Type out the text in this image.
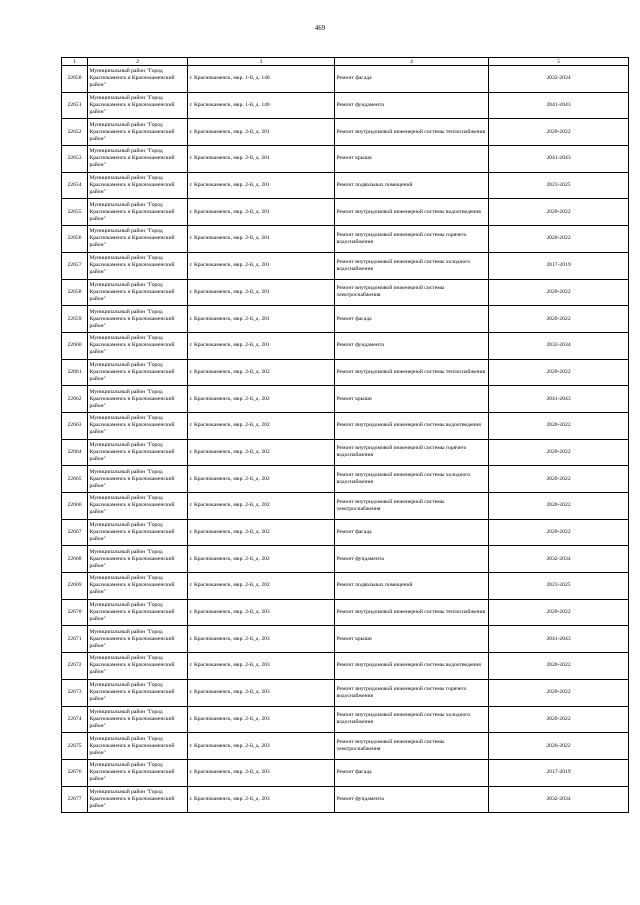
469
1	2	3	4	5
22650	Муниципальный район "Город Краснокаменск и Краснокаменский район"	г. Краснокаменск, мкр. 1-й, д. 140	Ремонт фасада	2032-2034
22651	Муниципальный район "Город Краснокаменск и Краснокаменский район"	г. Краснокаменск, мкр. 1-й, д. 140	Ремонт фундамента	2041-2043
22652	Муниципальный район "Город Краснокаменск и Краснокаменский район"	г. Краснокаменск, мкр. 2-й, д. 201	Ремонт внутридомовой инженерной системы теплоснабжения	2020-2022
22653	Муниципальный район "Город Краснокаменск и Краснокаменский район"	г. Краснокаменск, мкр. 2-й, д. 201	Ремонт крыши	2041-2043
22654	Муниципальный район "Город Краснокаменск и Краснокаменский район"	г. Краснокаменск, мкр. 2-й, д. 201	Ремонт подвальных помещений	2023-2025
22655	Муниципальный район "Город Краснокаменск и Краснокаменский район"	г. Краснокаменск, мкр. 2-й, д. 201	Ремонт внутридомовой инженерной системы водоотведения	2020-2022
22656	Муниципальный район "Город Краснокаменск и Краснокаменский район"	г. Краснокаменск, мкр. 2-й, д. 201	Ремонт внутридомовой инженерной системы горячего водоснабжения	2020-2022
22657	Муниципальный район "Город Краснокаменск и Краснокаменский район"	г. Краснокаменск, мкр. 2-й, д. 201	Ремонт внутридомовой инженерной системы холодного водоснабжения	2017-2019
22658	Муниципальный район "Город Краснокаменск и Краснокаменский район"	г. Краснокаменск, мкр. 2-й, д. 201	Ремонт внутридомовой инженерной системы электроснабжения	2020-2022
22659	Муниципальный район "Город Краснокаменск и Краснокаменский район"	г. Краснокаменск, мкр. 2-й, д. 201	Ремонт фасада	2020-2022
22660	Муниципальный район "Город Краснокаменск и Краснокаменский район"	г. Краснокаменск, мкр. 2-й, д. 201	Ремонт фундамента	2032-2034
22661	Муниципальный район "Город Краснокаменск и Краснокаменский район"	г. Краснокаменск, мкр. 2-й, д. 202	Ремонт внутридомовой инженерной системы теплоснабжения	2020-2022
22662	Муниципальный район "Город Краснокаменск и Краснокаменский район"	г. Краснокаменск, мкр. 2-й, д. 202	Ремонт крыши	2041-2043
22663	Муниципальный район "Город Краснокаменск и Краснокаменский район"	г. Краснокаменск, мкр. 2-й, д. 202	Ремонт внутридомовой инженерной системы водоотведения	2020-2022
22664	Муниципальный район "Город Краснокаменск и Краснокаменский район"	г. Краснокаменск, мкр. 2-й, д. 202	Ремонт внутридомовой инженерной системы горячего водоснабжения	2020-2022
22665	Муниципальный район "Город Краснокаменск и Краснокаменский район"	г. Краснокаменск, мкр. 2-й, д. 202	Ремонт внутридомовой инженерной системы холодного водоснабжения	2020-2022
22666	Муниципальный район "Город Краснокаменск и Краснокаменский район"	г. Краснокаменск, мкр. 2-й, д. 202	Ремонт внутридомовой инженерной системы электроснабжения	2020-2022
22667	Муниципальный район "Город Краснокаменск и Краснокаменский район"	г. Краснокаменск, мкр. 2-й, д. 202	Ремонт фасада	2020-2022
22668	Муниципальный район "Город Краснокаменск и Краснокаменский район"	г. Краснокаменск, мкр. 2-й, д. 202	Ремонт фундамента	2032-2034
22669	Муниципальный район "Город Краснокаменск и Краснокаменский район"	г. Краснокаменск, мкр. 2-й, д. 202	Ремонт подвальных помещений	2023-2025
22670	Муниципальный район "Город Краснокаменск и Краснокаменский район"	г. Краснокаменск, мкр. 2-й, д. 203	Ремонт внутридомовой инженерной системы теплоснабжения	2020-2022
22671	Муниципальный район "Город Краснокаменск и Краснокаменский район"	г. Краснокаменск, мкр. 2-й, д. 203	Ремонт крыши	2041-2043
22672	Муниципальный район "Город Краснокаменск и Краснокаменский район"	г. Краснокаменск, мкр. 2-й, д. 203	Ремонт внутридомовой инженерной системы водоотведения	2020-2022
22673	Муниципальный район "Город Краснокаменск и Краснокаменский район"	г. Краснокаменск, мкр. 2-й, д. 203	Ремонт внутридомовой инженерной системы горячего водоснабжения	2020-2022
22674	Муниципальный район "Город Краснокаменск и Краснокаменский район"	г. Краснокаменск, мкр. 2-й, д. 203	Ремонт внутридомовой инженерной системы холодного водоснабжения	2020-2022
22675	Муниципальный район "Город Краснокаменск и Краснокаменский район"	г. Краснокаменск, мкр. 2-й, д. 203	Ремонт внутридомовой инженерной системы электроснабжения	2020-2022
22676	Муниципальный район "Город Краснокаменск и Краснокаменский район"	г. Краснокаменск, мкр. 2-й, д. 203	Ремонт фасада	2017-2019
22677	Муниципальный район "Город Краснокаменск и Краснокаменский район"	г. Краснокаменск, мкр. 2-й, д. 203	Ремонт фундамента	2032-2034
